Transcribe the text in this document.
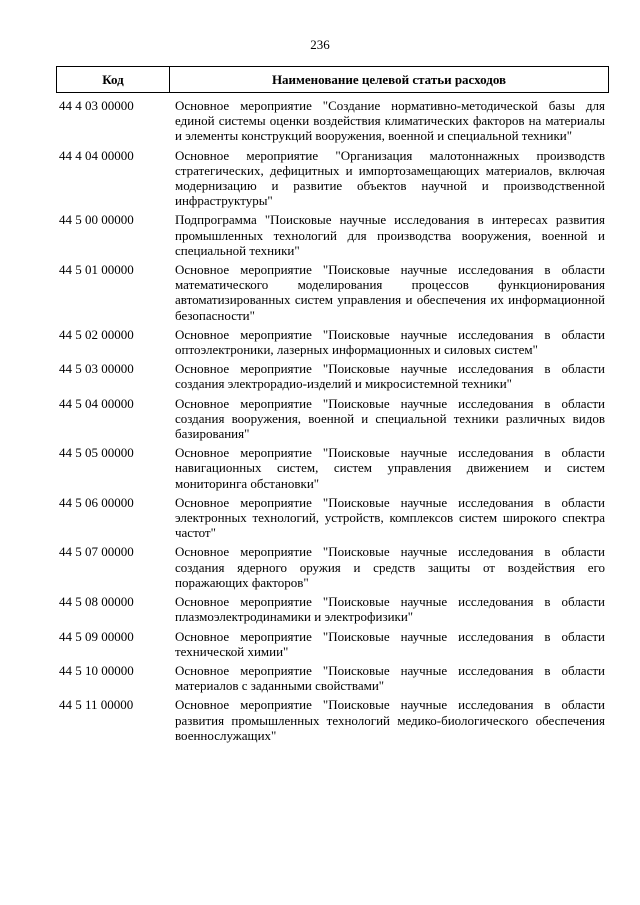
236
Код	Наименование целевой статьи расходов
44 4 03 00000	Основное мероприятие "Создание нормативно-методической базы для единой системы оценки воздействия климатических факторов на материалы и элементы конструкций вооружения, военной и специальной техники"
44 4 04 00000	Основное мероприятие "Организация малотоннажных производств стратегических, дефицитных и импортозамещающих материалов, включая модернизацию и развитие объектов научной и производственной инфраструктуры"
44 5 00 00000	Подпрограмма "Поисковые научные исследования в интересах развития промышленных технологий для производства вооружения, военной и специальной техники"
44 5 01 00000	Основное мероприятие "Поисковые научные исследования в области математического моделирования процессов функционирования автоматизированных систем управления и обеспечения их информационной безопасности"
44 5 02 00000	Основное мероприятие "Поисковые научные исследования в области оптоэлектроники, лазерных информационных и силовых систем"
44 5 03 00000	Основное мероприятие "Поисковые научные исследования в области создания электрорадио-изделий и микросистемной техники"
44 5 04 00000	Основное мероприятие "Поисковые научные исследования в области создания вооружения, военной и специальной техники различных видов базирования"
44 5 05 00000	Основное мероприятие "Поисковые научные исследования в области навигационных систем, систем управления движением и систем мониторинга обстановки"
44 5 06 00000	Основное мероприятие "Поисковые научные исследования в области электронных технологий, устройств, комплексов систем широкого спектра частот"
44 5 07 00000	Основное мероприятие "Поисковые научные исследования в области создания ядерного оружия и средств защиты от воздействия его поражающих факторов"
44 5 08 00000	Основное мероприятие "Поисковые научные исследования в области плазмоэлектродинамики и электрофизики"
44 5 09 00000	Основное мероприятие "Поисковые научные исследования в области технической химии"
44 5 10 00000	Основное мероприятие "Поисковые научные исследования в области материалов с заданными свойствами"
44 5 11 00000	Основное мероприятие "Поисковые научные исследования в области развития промышленных технологий медико-биологического обеспечения военнослужащих"
